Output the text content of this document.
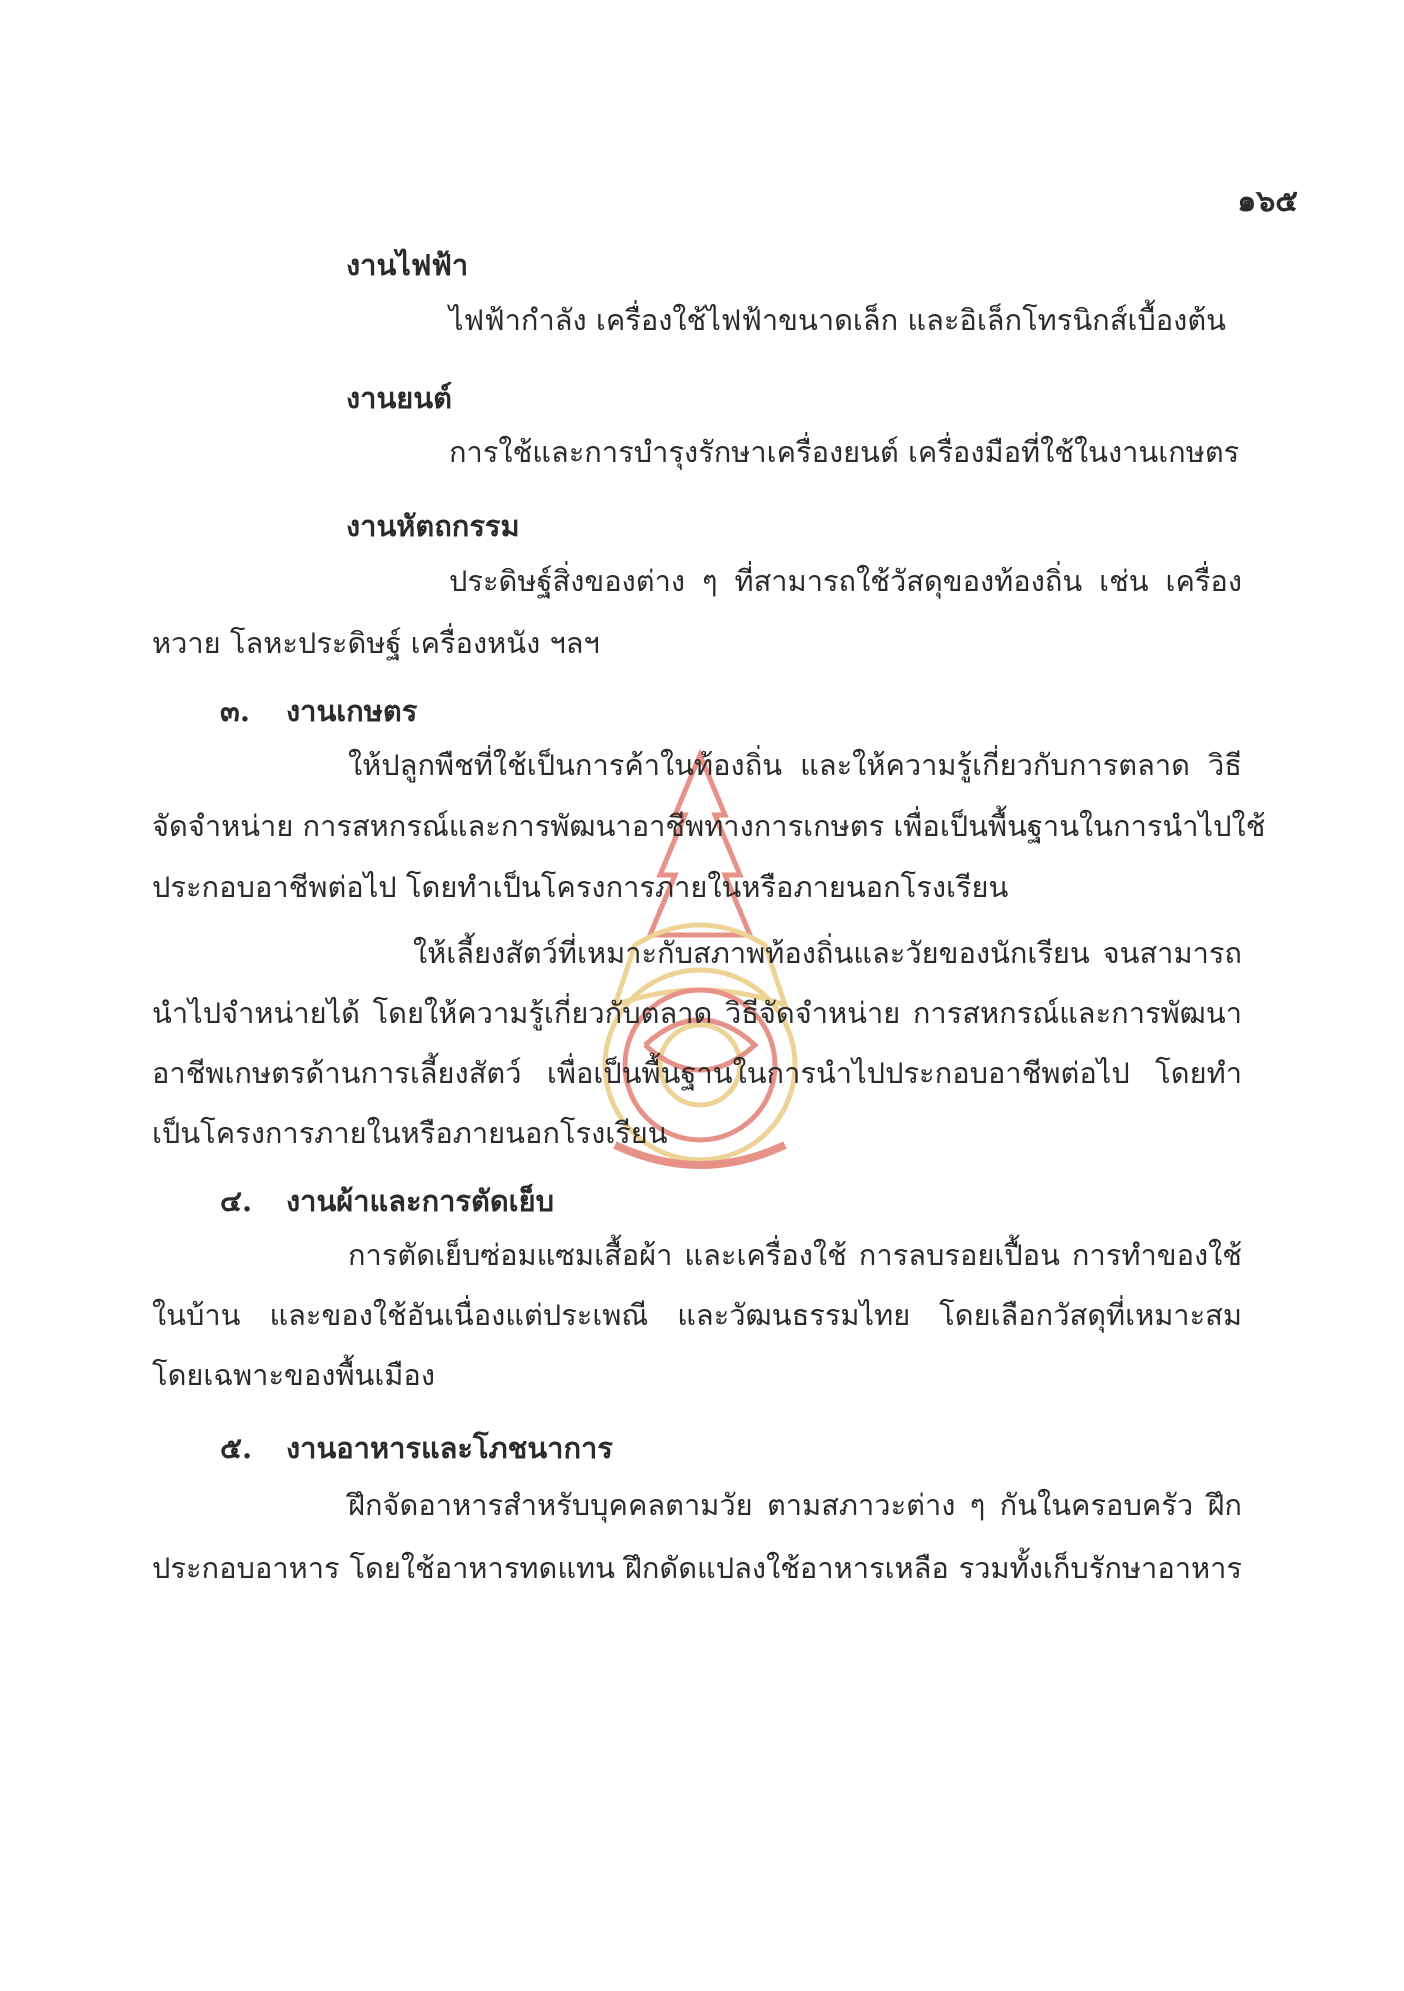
๑๖๕
งานไฟฟ้า
ไฟฟ้ากำลัง เครื่องใช้ไฟฟ้าขนาดเล็ก และอิเล็กโทรนิกส์เบื้องต้น
งานยนต์
การใช้และการบำรุงรักษาเครื่องยนต์ เครื่องมือที่ใช้ในงานเกษตร
งานหัตถกรรม
ประดิษฐ์สิ่งของต่าง ๆ ที่สามารถใช้วัสดุของท้องถิ่น เช่น เครื่อง
หวาย โลหะประดิษฐ์ เครื่องหนัง ฯลฯ
๓. งานเกษตร
ให้ปลูกพืชที่ใช้เป็นการค้าในท้องถิ่น และให้ความรู้เกี่ยวกับการตลาด วิธี
จัดจำหน่าย การสหกรณ์และการพัฒนาอาชีพทางการเกษตร เพื่อเป็นพื้นฐานในการนำไปใช้
ประกอบอาชีพต่อไป โดยทำเป็นโครงการภายในหรือภายนอกโรงเรียน
ให้เลี้ยงสัตว์ที่เหมาะกับสภาพท้องถิ่นและวัยของนักเรียน จนสามารถ
นำไปจำหน่ายได้ โดยให้ความรู้เกี่ยวกับตลาด วิธีจัดจำหน่าย การสหกรณ์และการพัฒนา
อาชีพเกษตรด้านการเลี้ยงสัตว์ เพื่อเป็นพื้นฐานในการนำไปประกอบอาชีพต่อไป โดยทำ
เป็นโครงการภายในหรือภายนอกโรงเรียน
๔. งานผ้าและการตัดเย็บ
การตัดเย็บซ่อมแซมเสื้อผ้า และเครื่องใช้ การลบรอยเปื้อน การทำของใช้
ในบ้าน และของใช้อันเนื่องแต่ประเพณี และวัฒนธรรมไทย โดยเลือกวัสดุที่เหมาะสม
โดยเฉพาะของพื้นเมือง
๕. งานอาหารและโภชนาการ
ฝึกจัดอาหารสำหรับบุคคลตามวัย ตามสภาวะต่าง ๆ กันในครอบครัว ฝึก
ประกอบอาหาร โดยใช้อาหารทดแทน ฝึกดัดแปลงใช้อาหารเหลือ รวมทั้งเก็บรักษาอาหาร
